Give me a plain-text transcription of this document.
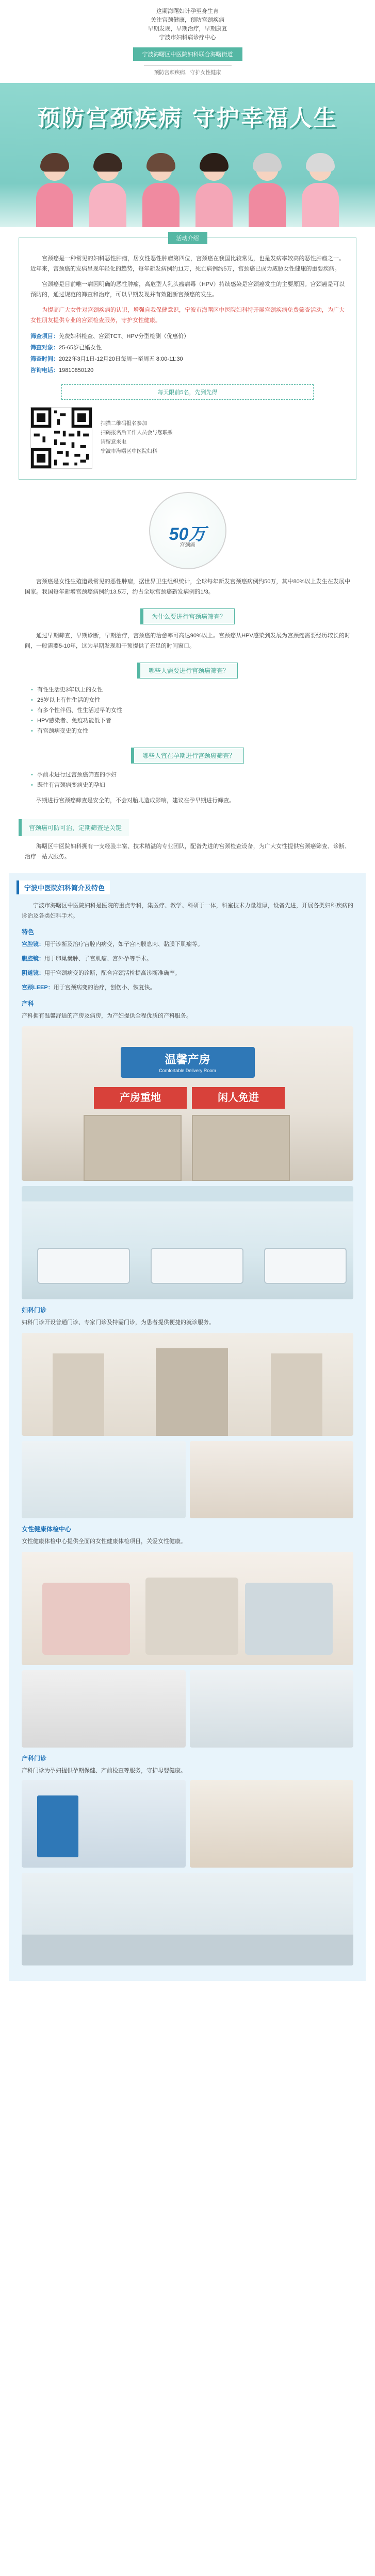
这期海曙妇计孕至身生育

关注宫颈健康，预防宫颈疾病

早期发现，早期治疗，早期康复

宁波市妇科病诊疗中心

宁波海曙区中医院妇科联合海曙街道
预防宫颈疾病，守护女性健康
预防宫颈疾病 守护幸福人生
活动介绍

宫颈癌是一种常见的妇科恶性肿瘤，居女性恶性肿瘤第四位，宫颈癌在我国比较常见，也是发病率较高的恶性肿瘤之一。近年来，宫颈癌的发病呈现年轻化的趋势，每年新发病例约11万，死亡病例约5万，宫颈癌已成为威胁女性健康的重要疾病。

宫颈癌是目前唯一病因明确的恶性肿瘤，高危型人乳头瘤病毒（HPV）持续感染是宫颈癌发生的主要原因。宫颈癌是可以预防的，通过规范的筛查和治疗，可以早期发现并有效阻断宫颈癌的发生。

为提高广大女性对宫颈疾病的认识，增强自我保健意识，宁波市海曙区中医院妇科特开展宫颈疾病免费筛查活动，为广大女性朋友提供专业的宫颈检查服务，守护女性健康。

筛查项目：免费妇科检查、宫颈TCT、HPV分型检测（优惠价）
筛查对象：25-65岁已婚女性
筛查时间：2022年3月1日-12月20日每周一至周五 8:00-11:30
咨询电话：19810850120
每天限前5名，先到先得
扫描二维码报名参加
扫码报名后工作人员会与您联系
请留意来电
宁波市海曙区中医院妇科
50万
宫颈癌

宫颈癌是女性生殖道最常见的恶性肿瘤，据世界卫生组织统计，全球每年新发宫颈癌病例约50万，其中80%以上发生在发展中国家。我国每年新增宫颈癌病例约13.5万，约占全球宫颈癌新发病例的1/3。

为什么要进行宫颈癌筛查？

通过早期筛查，早期诊断，早期治疗，宫颈癌的治愈率可高达90%以上。宫颈癌从HPV感染到发展为宫颈癌需要经历较长的时间，一般需要5-10年，这为早期发现和干预提供了充足的时间窗口。

哪些人需要进行宫颈癌筛查？
• 有性生活史3年以上的女性
• 25岁以上有性生活的女性
• 有多个性伴侣、性生活过早的女性
• HPV感染者、免疫功能低下者
• 有宫颈病变史的女性
哪些人宜在孕期进行宫颈癌筛查？
• 孕前未进行过宫颈癌筛查的孕妇
• 既往有宫颈病变病史的孕妇

孕期进行宫颈癌筛查是安全的，不会对胎儿造成影响，建议在孕早期进行筛查。

宫颈癌可防可治，定期筛查是关键

海曙区中医院妇科拥有一支经验丰富、技术精湛的专业团队，配备先进的宫颈检查设备，为广大女性提供宫颈癌筛查、诊断、治疗一站式服务。

宁波中医院妇科简介及特色

宁波市海曙区中医院妇科是医院的重点专科，集医疗、教学、科研于一体，科室技术力量雄厚，设备先进，开展各类妇科疾病的诊治及各类妇科手术。

特色
宫腔镜：用于诊断及治疗宫腔内病变，如子宫内膜息肉、黏膜下肌瘤等。
腹腔镜：用于卵巢囊肿、子宫肌瘤、宫外孕等手术。
阴道镜：用于宫颈病变的诊断，配合宫颈活检提高诊断准确率。
宫颈LEEP：用于宫颈病变的治疗，创伤小、恢复快。
产科
产科拥有温馨舒适的产房及病房，为产妇提供全程优质的产科服务。
温馨产房
Comfortable Delivery Room
产房重地	闲人免进
妇科门诊
妇科门诊开设普通门诊、专家门诊及特需门诊，为患者提供便捷的就诊服务。
女性健康体检中心
女性健康体检中心提供全面的女性健康体检项目，关爱女性健康。
产科门诊
产科门诊为孕妇提供孕期保健、产前检查等服务，守护母婴健康。
